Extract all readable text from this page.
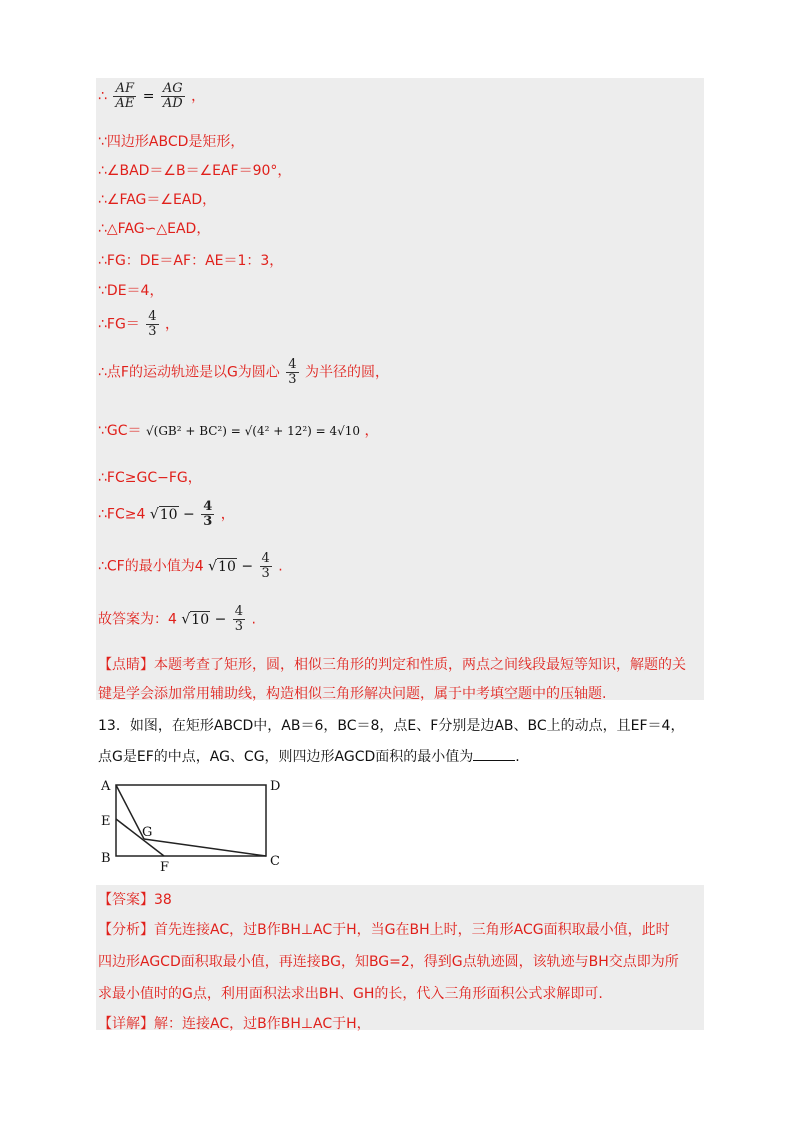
∴ $\frac{AF}{AE} = \frac{AG}{AD}$ ，
∵四边形ABCD是矩形，
∴∠BAD＝∠B＝∠EAF＝90°，
∴∠FAG＝∠EAD，
∴△FAG∽△EAD，
∴FG：DE＝AF：AE＝1：3，
∵DE＝4，
∴FG＝ $\frac{4}{3}$ ，
∴点F的运动轨迹是以G为圆心 $\frac{4}{3}$ 为半径的圆，
∵GC＝ √(GB² + BC²) = √(4² + 12²) = 4√10 ，
∴FC≥GC−FG，
∴FC≥4 $√10 - \frac{4}{3}$ ，
∴CF的最小值为4 $√10 - \frac{4}{3}$ .
故答案为：4 $√10 - \frac{4}{3}$ .
【点睛】本题考查了矩形，圆，相似三角形的判定和性质，两点之间线段最短等知识，解题的关
键是学会添加常用辅助线，构造相似三角形解决问题，属于中考填空题中的压轴题.
13．如图，在矩形ABCD中，AB＝6，BC＝8，点E、F分别是边AB、BC上的动点，且EF＝4，
点G是EF的中点，AG、CG，则四边形AGCD面积的最小值为	.
A	D
E
G
B
F	C
【答案】38
【分析】首先连接AC，过B作BH⊥AC于H，当G在BH上时，三角形ACG面积取最小值，此时
四边形AGCD面积取最小值，再连接BG，知BG=2，得到G点轨迹圆，该轨迹与BH交点即为所
求最小值时的G点，利用面积法求出BH、GH的长，代入三角形面积公式求解即可.
【详解】解：连接AC，过B作BH⊥AC于H，
